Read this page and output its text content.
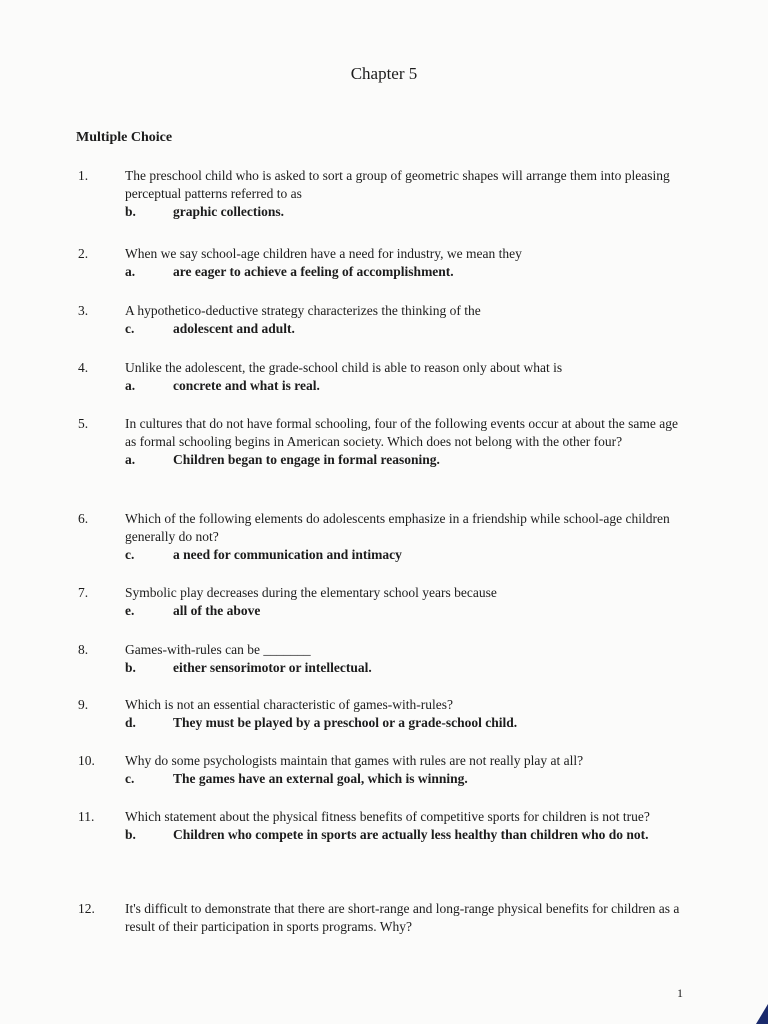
Chapter 5
Multiple Choice
1.	The preschool child who is asked to sort a group of geometric shapes will arrange them into pleasing perceptual patterns referred to as
b.	graphic collections.
2.	When we say school-age children have a need for industry, we mean they
a.	are eager to achieve a feeling of accomplishment.
3.	A hypothetico-deductive strategy characterizes the thinking of the
c.	adolescent and adult.
4.	Unlike the adolescent, the grade-school child is able to reason only about what is
a.	concrete and what is real.
5.	In cultures that do not have formal schooling, four of the following events occur at about the same age as formal schooling begins in American society. Which does not belong with the other four?
a.	Children began to engage in formal reasoning.
6.	Which of the following elements do adolescents emphasize in a friendship while school-age children generally do not?
c.	a need for communication and intimacy
7.	Symbolic play decreases during the elementary school years because
e.	all of the above
8.	Games-with-rules can be _______
b.	either sensorimotor or intellectual.
9.	Which is not an essential characteristic of games-with-rules?
d.	They must be played by a preschool or a grade-school child.
10. Why do some psychologists maintain that games with rules are not really play at all?
c.	The games have an external goal, which is winning.
11. Which statement about the physical fitness benefits of competitive sports for children is not true?
b.	Children who compete in sports are actually less healthy than children who do not.
12. It's difficult to demonstrate that there are short-range and long-range physical benefits for children as a result of their participation in sports programs. Why?
1
